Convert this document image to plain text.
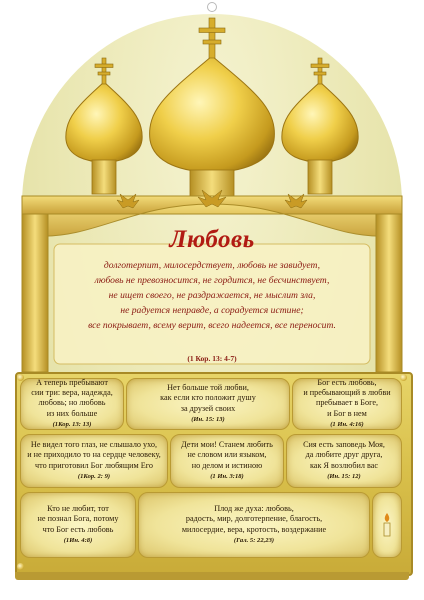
Любовь
долготерпит, милосердствует, любовь не завидует,
любовь не превозносится, не гордится, не бесчинствует,
не ищет своего, не раздражается, не мыслит зла,
не радуется неправде, а сорадуется истине;
все покрывает, всему верит, всего надеется, все переносит.
(1 Кор. 13: 4-7)
А теперь пребывают
сии три: вера, надежда,
любовь; но любовь
из них больше
(1Кор. 13: 13)
Нет больше той любви,
как если кто положит душу
за друзей своих
(Ин. 15: 13)
Бог есть любовь,
и пребывающий в любви
пребывает в Боге,
и Бог в нем
(1 Ин. 4:16)
Не видел того глаз, не слышало ухо,
и не приходило то на сердце человеку,
что приготовил Бог любящим Его
(1Кор. 2: 9)
Дети мои! Станем любить
не словом или языком,
но делом и истиною
(1 Ин. 3:18)
Сия есть заповедь Моя,
да любите друг друга,
как Я возлюбил вас
(Ин. 15: 12)
Кто не любит, тот
не познал Бога, потому
что Бог есть любовь
(1Ин. 4:8)
Плод же духа: любовь,
радость, мир, долготерпение, благость,
милосердие, вера, кротость, воздержание
(Гал. 5: 22,23)
